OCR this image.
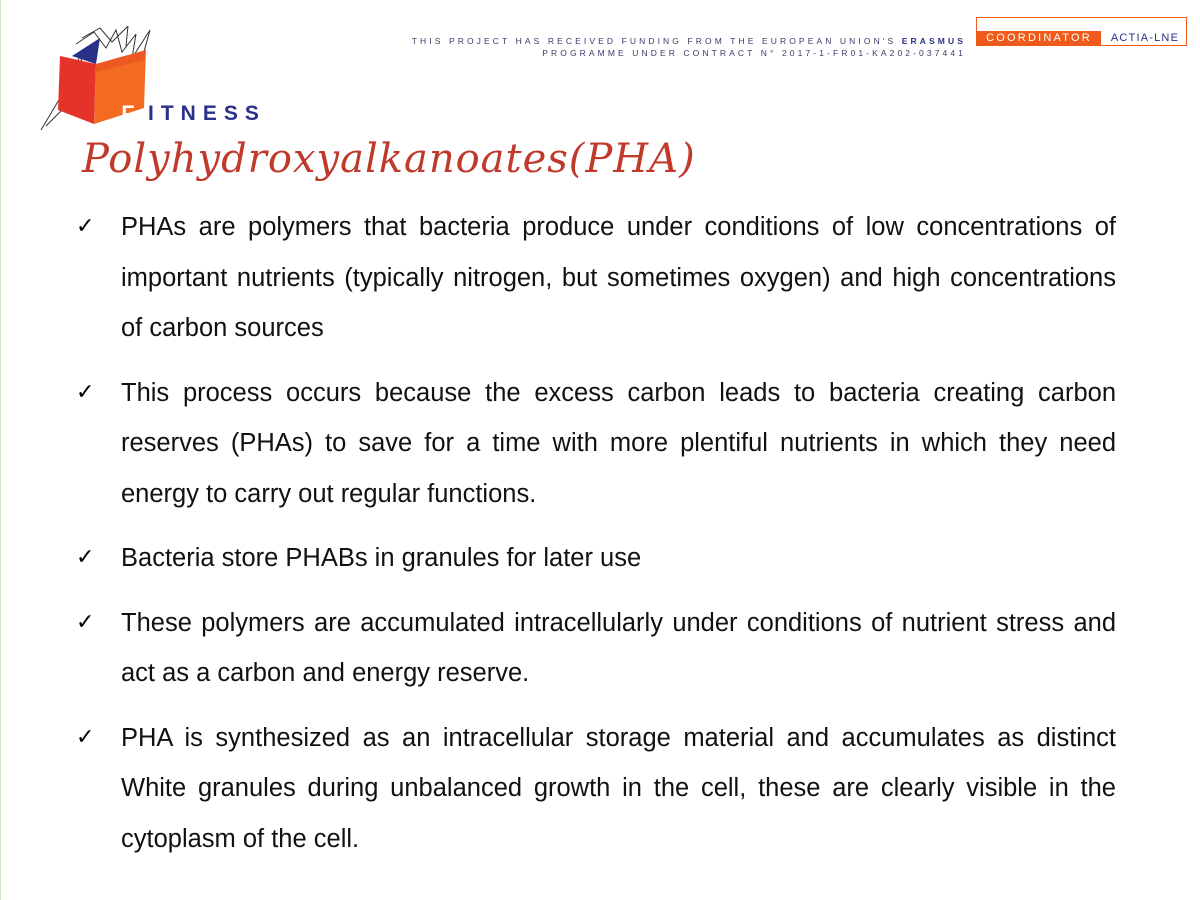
F ITNESS
THIS PROJECT HAS RECEIVED FUNDING FROM THE EUROPEAN UNION'S ERASMUS
PROGRAMME UNDER CONTRACT N° 2017-1-FR01-KA202-037441
COORDINATOR	ACTIA-LNE
Polyhydroxyalkanoates(PHA)
✓ PHAs are polymers that bacteria produce under conditions of low concentrations of important nutrients (typically nitrogen, but sometimes oxygen) and high concentrations of carbon sources
✓ This process occurs because the excess carbon leads to bacteria creating carbon reserves (PHAs) to save for a time with more plentiful nutrients in which they need energy to carry out regular functions.
✓ Bacteria store PHABs in granules for later use
✓ These polymers are accumulated intracellularly under conditions of nutrient stress and act as a carbon and energy reserve.
✓ PHA is synthesized as an intracellular storage material and accumulates as distinct White granules during unbalanced growth in the cell, these are clearly visible in the cytoplasm of the cell.
